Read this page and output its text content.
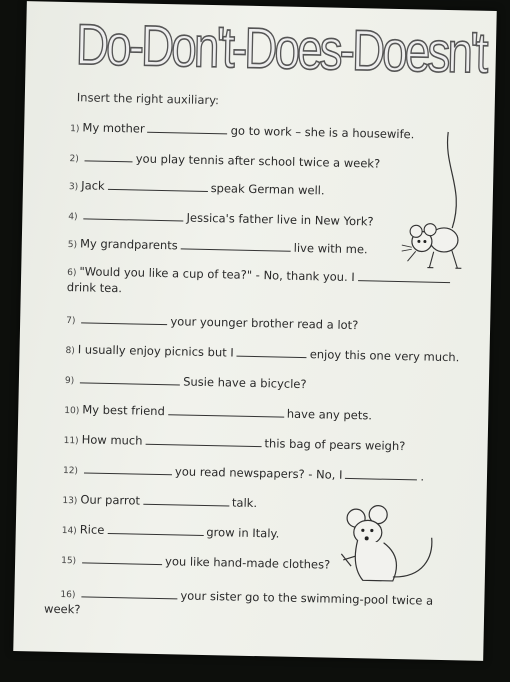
Do-Don't-Does-Doesn't
Insert the right auxiliary:
1) My mother	go to work – she is a housewife.
2)	you play tennis after school twice a week?
3) Jack	speak German well.
4)	Jessica's father live in New York?
5) My grandparents	live with me.
6) "Would you like a cup of tea?" - No, thank you. I
drink tea.
7)	your younger brother read a lot?
8) I usually enjoy picnics but I	enjoy this one very much.
9)	Susie have a bicycle?
10) My best friend	have any pets.
11) How much	this bag of pears weigh?
12)	you read newspapers? - No, I	.
13) Our parrot	talk.
14) Rice	grow in Italy.
15)	you like hand-made clothes?
16)	your sister go to the swimming-pool twice a
week?
